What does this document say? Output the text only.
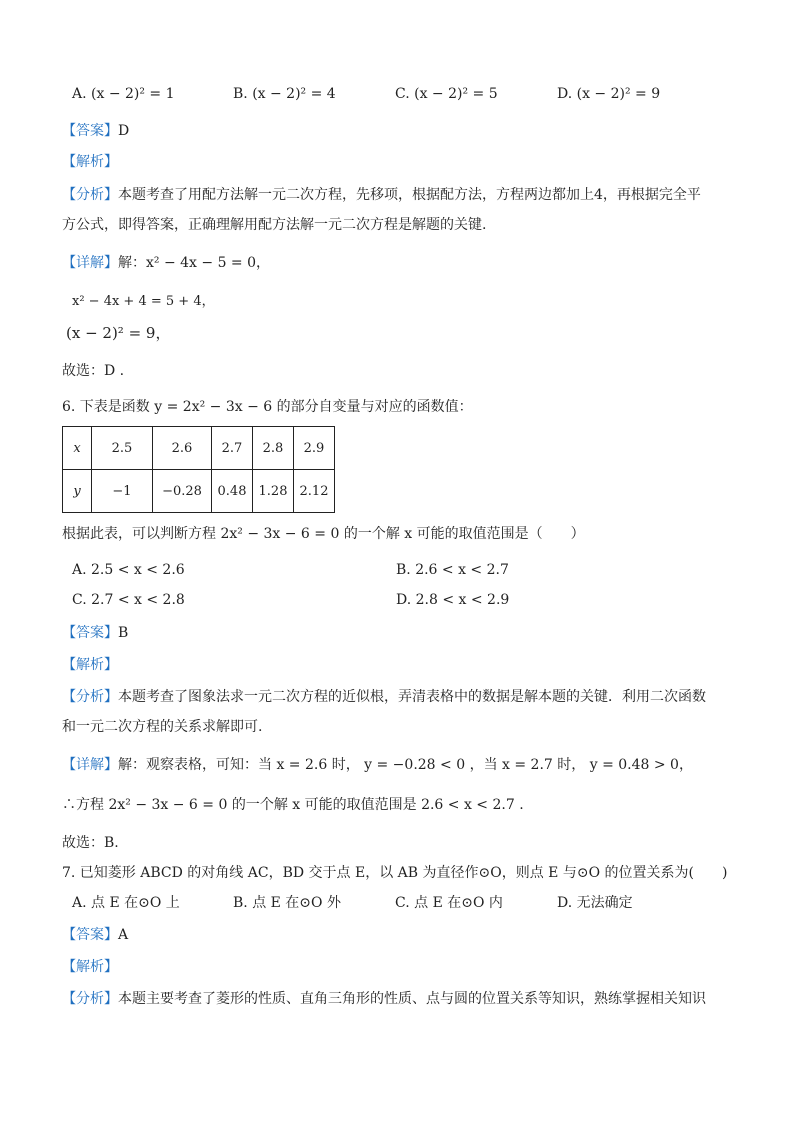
A. (x − 2)² = 1	B. (x − 2)² = 4	C. (x − 2)² = 5	D. (x − 2)² = 9
【答案】D
【解析】
【分析】本题考查了用配方法解一元二次方程，先移项，根据配方法，方程两边都加上4，再根据完全平
方公式，即得答案，正确理解用配方法解一元二次方程是解题的关键.
【详解】解：x² − 4x − 5 = 0，
x² − 4x + 4 = 5 + 4，
(x − 2)² = 9，
故选：D .
6. 下表是函数 y = 2x² − 3x − 6 的部分自变量与对应的函数值：
x	2.5	2.6	2.7	2.8	2.9
y	−1	−0.28	0.48	1.28	2.12
根据此表，可以判断方程 2x² − 3x − 6 = 0 的一个解 x 可能的取值范围是（　　）
A. 2.5 < x < 2.6	B. 2.6 < x < 2.7
C. 2.7 < x < 2.8	D. 2.8 < x < 2.9
【答案】B
【解析】
【分析】本题考查了图象法求一元二次方程的近似根，弄清表格中的数据是解本题的关键．利用二次函数
和一元二次方程的关系求解即可.
【详解】解：观察表格，可知：当 x = 2.6 时， y = −0.28 < 0 ，当 x = 2.7 时， y = 0.48 > 0，
∴方程 2x² − 3x − 6 = 0 的一个解 x 可能的取值范围是 2.6 < x < 2.7 .
故选：B.
7. 已知菱形 ABCD 的对角线 AC，BD 交于点 E，以 AB 为直径作⊙O，则点 E 与⊙O 的位置关系为(　　)
A. 点 E 在⊙O 上	B. 点 E 在⊙O 外	C. 点 E 在⊙O 内	D. 无法确定
【答案】A
【解析】
【分析】本题主要考查了菱形的性质、直角三角形的性质、点与圆的位置关系等知识，熟练掌握相关知识
